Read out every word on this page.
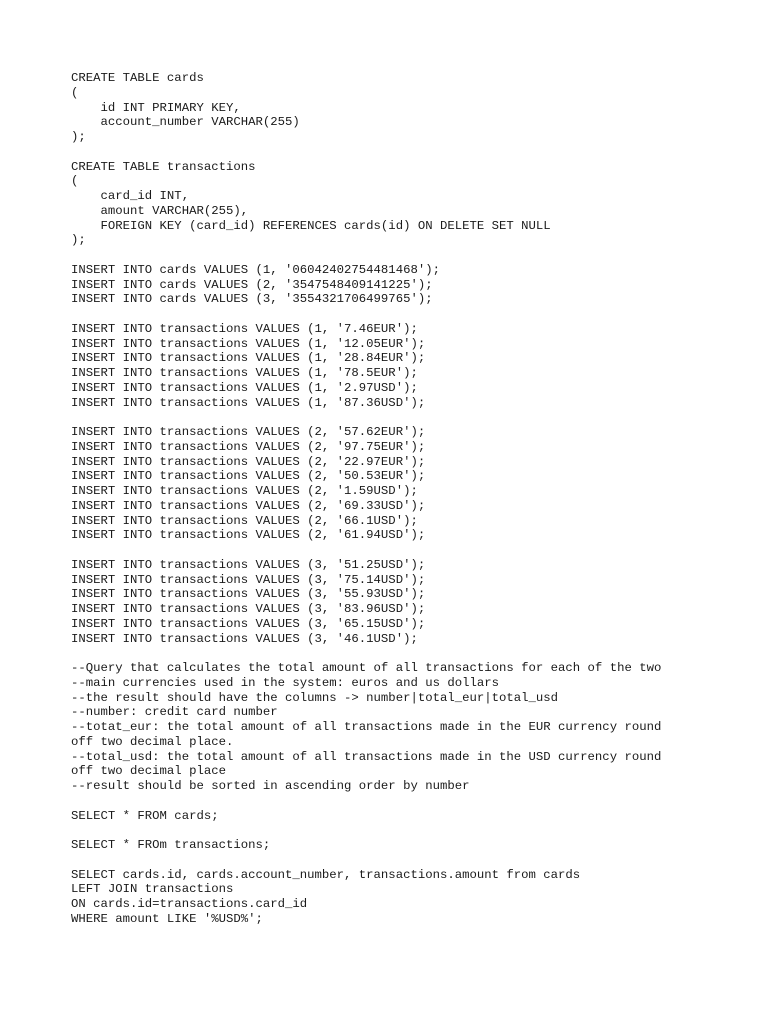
CREATE TABLE cards
(
id INT PRIMARY KEY,
account_number VARCHAR(255)
);
CREATE TABLE transactions
(
card_id INT,
amount VARCHAR(255),
FOREIGN KEY (card_id) REFERENCES cards(id) ON DELETE SET NULL
);
INSERT INTO cards VALUES (1, '06042402754481468');
INSERT INTO cards VALUES (2, '3547548409141225');
INSERT INTO cards VALUES (3, '3554321706499765');
INSERT INTO transactions VALUES (1, '7.46EUR');
INSERT INTO transactions VALUES (1, '12.05EUR');
INSERT INTO transactions VALUES (1, '28.84EUR');
INSERT INTO transactions VALUES (1, '78.5EUR');
INSERT INTO transactions VALUES (1, '2.97USD');
INSERT INTO transactions VALUES (1, '87.36USD');
INSERT INTO transactions VALUES (2, '57.62EUR');
INSERT INTO transactions VALUES (2, '97.75EUR');
INSERT INTO transactions VALUES (2, '22.97EUR');
INSERT INTO transactions VALUES (2, '50.53EUR');
INSERT INTO transactions VALUES (2, '1.59USD');
INSERT INTO transactions VALUES (2, '69.33USD');
INSERT INTO transactions VALUES (2, '66.1USD');
INSERT INTO transactions VALUES (2, '61.94USD');
INSERT INTO transactions VALUES (3, '51.25USD');
INSERT INTO transactions VALUES (3, '75.14USD');
INSERT INTO transactions VALUES (3, '55.93USD');
INSERT INTO transactions VALUES (3, '83.96USD');
INSERT INTO transactions VALUES (3, '65.15USD');
INSERT INTO transactions VALUES (3, '46.1USD');
--Query that calculates the total amount of all transactions for each of the two
--main currencies used in the system: euros and us dollars
--the result should have the columns -> number|total_eur|total_usd
--number: credit card number
--totat_eur: the total amount of all transactions made in the EUR currency round
off two decimal place.
--total_usd: the total amount of all transactions made in the USD currency round
off two decimal place
--result should be sorted in ascending order by number
SELECT * FROM cards;
SELECT * FROm transactions;
SELECT cards.id, cards.account_number, transactions.amount from cards
LEFT JOIN transactions
ON cards.id=transactions.card_id
WHERE amount LIKE '%USD%';
